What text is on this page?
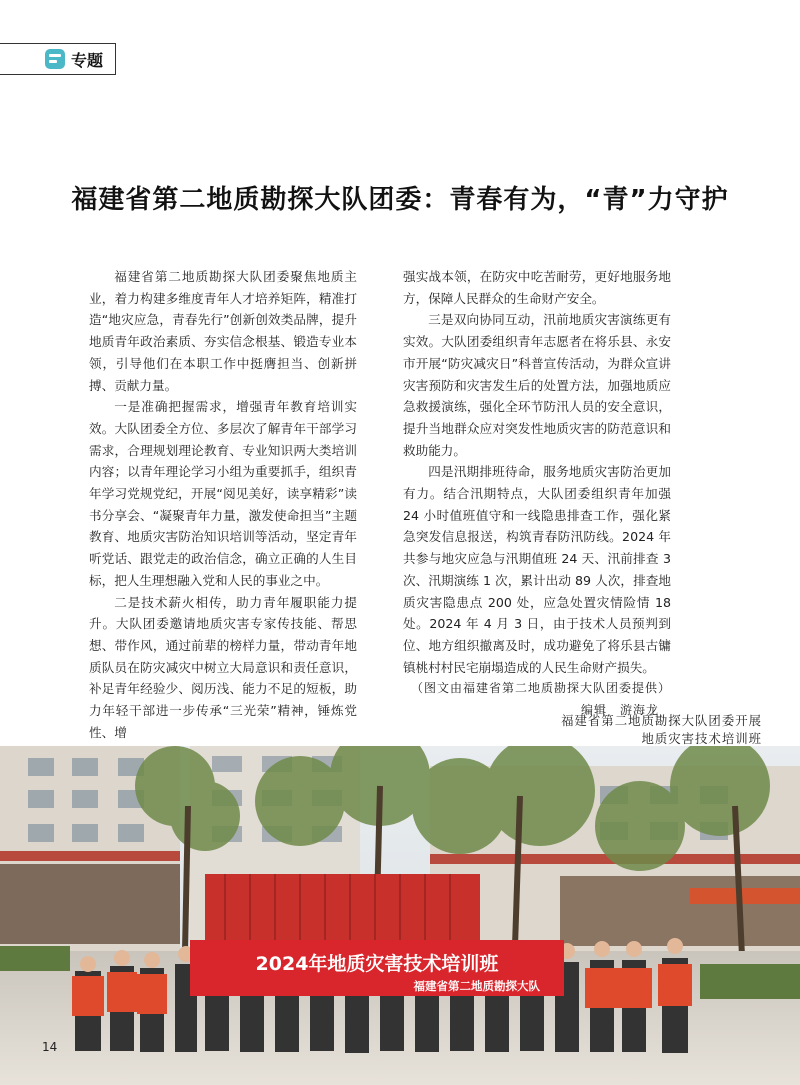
专题
福建省第二地质勘探大队团委：青春有为，“青”力守护

福建省第二地质勘探大队团委聚焦地质主业，着力构建多维度青年人才培养矩阵，精准打造“地灾应急，青春先行”创新创效类品牌，提升地质青年政治素质、夯实信念根基、锻造专业本领，引导他们在本职工作中挺膺担当、创新拼搏、贡献力量。

一是准确把握需求，增强青年教育培训实效。大队团委全方位、多层次了解青年干部学习需求，合理规划理论教育、专业知识两大类培训内容；以青年理论学习小组为重要抓手，组织青年学习党规党纪，开展“阅见美好，读享精彩”读书分享会、“凝聚青年力量，激发使命担当”主题教育、地质灾害防治知识培训等活动，坚定青年听党话、跟党走的政治信念，确立正确的人生目标，把人生理想融入党和人民的事业之中。

二是技术薪火相传，助力青年履职能力提升。大队团委邀请地质灾害专家传技能、帮思想、带作风，通过前辈的榜样力量，带动青年地质队员在防灾减灾中树立大局意识和责任意识，补足青年经验少、阅历浅、能力不足的短板，助力年轻干部进一步传承“三光荣”精神，锤炼党性、增

强实战本领，在防灾中吃苦耐劳，更好地服务地方，保障人民群众的生命财产安全。

三是双向协同互动，汛前地质灾害演练更有实效。大队团委组织青年志愿者在将乐县、永安市开展“防灾减灾日”科普宣传活动，为群众宣讲灾害预防和灾害发生后的处置方法，加强地质应急救援演练，强化全环节防汛人员的安全意识，提升当地群众应对突发性地质灾害的防范意识和救助能力。

四是汛期排班待命，服务地质灾害防治更加有力。结合汛期特点，大队团委组织青年加强 24 小时值班值守和一线隐患排查工作，强化紧急突发信息报送，构筑青春防汛防线。2024 年共参与地灾应急与汛期值班 24 天、汛前排查 3 次、汛期演练 1 次，累计出动 89 人次，排查地质灾害隐患点 200 处，应急处置灾情险情 18 处。2024 年 4 月 3 日，由于技术人员预判到位、地方组织撤离及时，成功避免了将乐县古镛镇桃村村民宅崩塌造成的人民生命财产损失。

（图文由福建省第二地质勘探大队团委提供）

编辑　游海龙

福建省第二地质勘探大队团委开展
地质灾害技术培训班
2024年地质灾害技术培训班
福建省第二地质勘探大队
14
